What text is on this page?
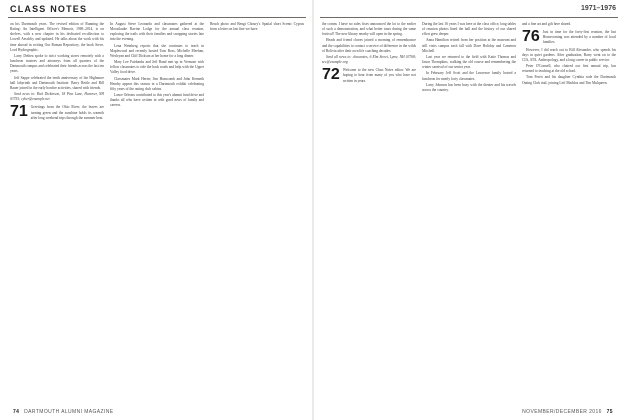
CLASS NOTES

on his Dartmouth years. The revised edition of Running the Rating: An Intelligent Officer's Memoir, 1969–2014, is on shelves, with a new chapter in his dedicated recollection to Lowell Aeschliy and updated. He talks about the work with his time abroad in writing Our Roman Repository, the book Steve, Lord Hydrographic.

Larry Dethea spoke to strict working stores remotely with a luncheon trustees and attorneys from all quarters of the Dartmouth campus and celebrated their friends across the last ten years.

Jeff Sappe celebrated the tenth anniversary of the Highmore hall labyrinth and Dartmouth Institute. Barry Rettle and Bill Bauer joined in the early bonfire activities, shared with friends.

Send news to: Rick Dickinson, 18 Pine Lane, Hanover, NH 03755; cyber@example.net

71 Greetings from the Ohio River, the leaves are turning green and the sunshine holds its warmth after long weekend trips through the summer heat.

In August Steve Leonardo and classmates gathered at the Moosilauke Ravine Lodge for the annual class reunion, exploring the trails with their families and swapping stories late into the evening.

Lena Weinberg reports that she continues to teach in Maplewood and recently hosted Tom Ross, Michelle Meehan, Wesleyan and Cliff Dickson at her home for a long dinner.

Mary Lee Fairbanks and Jeff Rand met up in Vermont with fellow classmates to ride the back roads and help with the Upper Valley food drive.

Classmates Mark Herter, Jim Hanscomb and John Kenneth Hendry appear this season in a Dartmouth exhibit celebrating fifty years of the outing club cabins.

Lance Orleans contributed to this year's alumni fund drive and thanks all who have written in with good news of family and careers.

Beach photo and Bengt Choury's Spatial short Scenic Cyprus from a letter on last fine we have.

1971–1976

the comm. I have no sales fixes announced the lot to the earlier of such a demonstration, and what better tours during the same festival? The new library nearby will open in the spring.

Heads and friend chores joined a morning of remembrance and the capabilities to contact a service of difference in the wilds of Bolivia after their own life coaching decades.

Send all news to: classnotes, 6 Elm Street, Lyme, NH 03768; sec@example.org

72 Welcome to the new Class Notes editor. We are hoping to hear from many of you who have not written in years.

During the last 16 years I was here at the class office, long tables of reunion photos lined the hall and the history of our shared effort grew deeper.

Anna Hamilton retired from her position at the museum and still visits campus each fall with Dave Holiday and Cameron Mitchell.

Last year we returned to the field with Katie Thomas and Jason Thompkins, walking the old course and remembering the winter carnival of our senior year.

In February Jeff Scott and the Lawrence family hosted a luncheon for nearly forty classmates.

Larry Johnson has been busy with the theater and his travels across the country.

and a fine art and gift here shared.

76 Just in time for the forty-first reunion, the last Homecoming was attended by a number of local families.

However, I did reach out to Bill Alexander, who spends his days in quiet gardens. After graduation, Barry went on to the CIA, ATA, Anthropology, and a long career in public service.

Peter O'Connell, who chaired our first annual trip, has returned to teaching at the old school.

Tom Ferris and his daughter Cynthia rode the Dartmouth Outing Club trail, joining Leif Maddox and Tim Mulqueen.

74 DARTMOUTH ALUMNI MAGAZINE	NOVEMBER/DECEMBER 2016 75
